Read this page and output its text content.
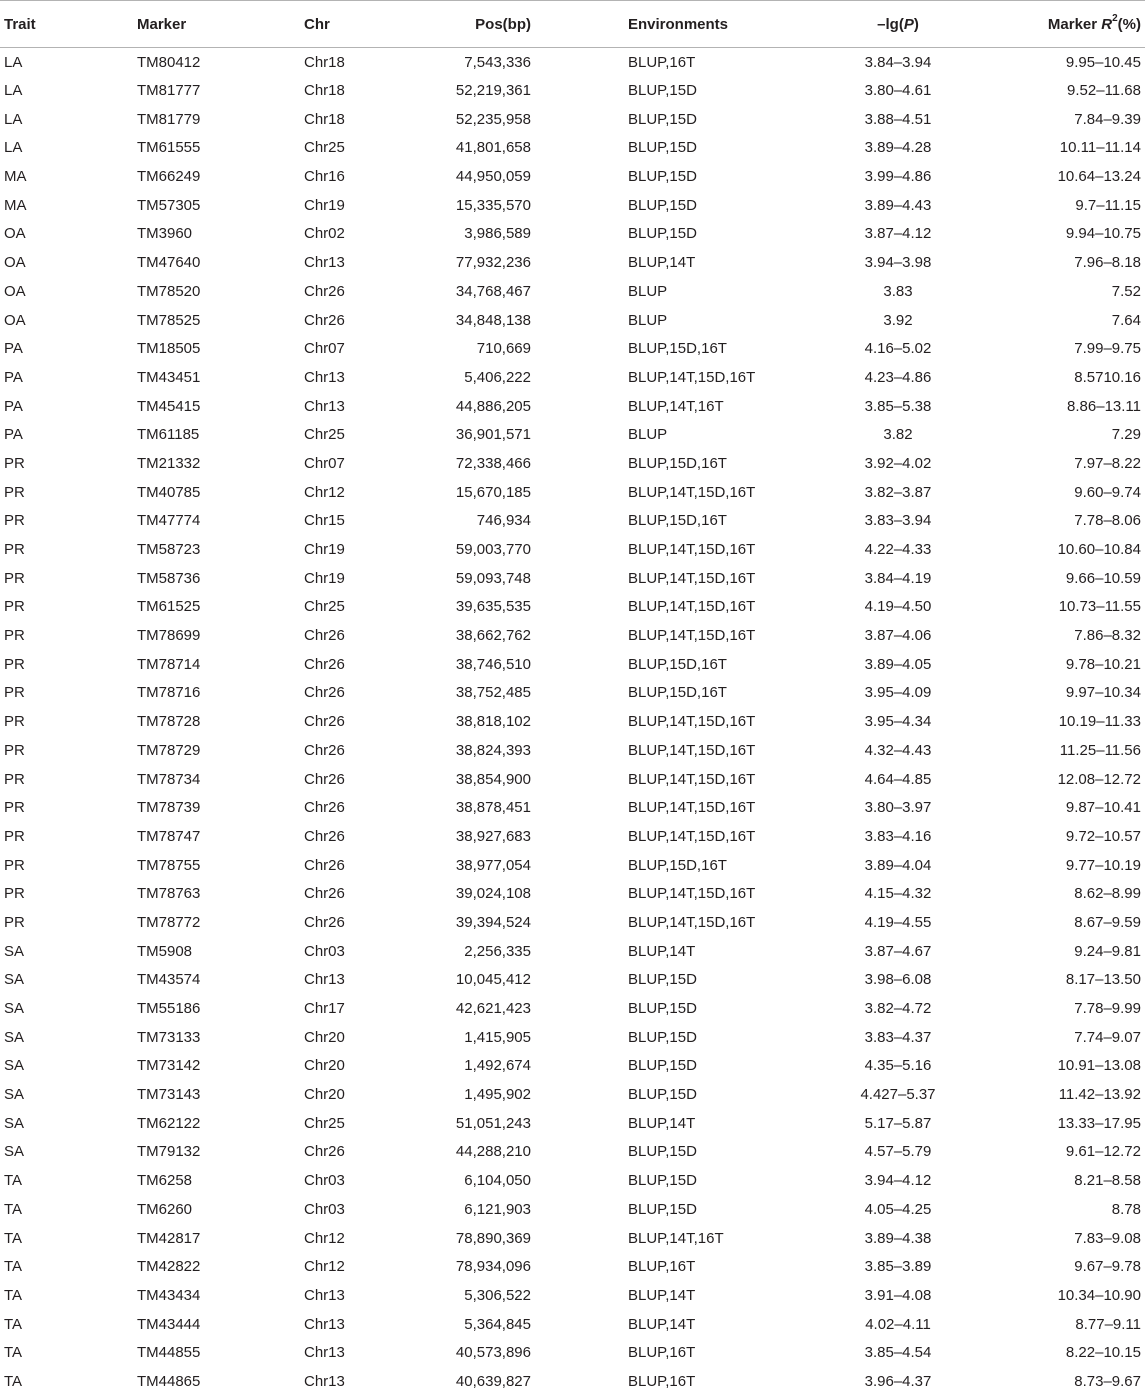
Trait	Marker	Chr	Pos(bp)		Environments	–lg(P)	Marker $R^2(\%)$
LA	TM80412	Chr18	7,543,336		BLUP,16T	3.84–3.94	9.95–10.45
LA	TM81777	Chr18	52,219,361		BLUP,15D	3.80–4.61	9.52–11.68
LA	TM81779	Chr18	52,235,958		BLUP,15D	3.88–4.51	7.84–9.39
LA	TM61555	Chr25	41,801,658		BLUP,15D	3.89–4.28	10.11–11.14
MA	TM66249	Chr16	44,950,059		BLUP,15D	3.99–4.86	10.64–13.24
MA	TM57305	Chr19	15,335,570		BLUP,15D	3.89–4.43	9.7–11.15
OA	TM3960	Chr02	3,986,589		BLUP,15D	3.87–4.12	9.94–10.75
OA	TM47640	Chr13	77,932,236		BLUP,14T	3.94–3.98	7.96–8.18
OA	TM78520	Chr26	34,768,467		BLUP	3.83	7.52
OA	TM78525	Chr26	34,848,138		BLUP	3.92	7.64
PA	TM18505	Chr07	710,669		BLUP,15D,16T	4.16–5.02	7.99–9.75
PA	TM43451	Chr13	5,406,222		BLUP,14T,15D,16T	4.23–4.86	8.5710.16
PA	TM45415	Chr13	44,886,205		BLUP,14T,16T	3.85–5.38	8.86–13.11
PA	TM61185	Chr25	36,901,571		BLUP	3.82	7.29
PR	TM21332	Chr07	72,338,466		BLUP,15D,16T	3.92–4.02	7.97–8.22
PR	TM40785	Chr12	15,670,185		BLUP,14T,15D,16T	3.82–3.87	9.60–9.74
PR	TM47774	Chr15	746,934		BLUP,15D,16T	3.83–3.94	7.78–8.06
PR	TM58723	Chr19	59,003,770		BLUP,14T,15D,16T	4.22–4.33	10.60–10.84
PR	TM58736	Chr19	59,093,748		BLUP,14T,15D,16T	3.84–4.19	9.66–10.59
PR	TM61525	Chr25	39,635,535		BLUP,14T,15D,16T	4.19–4.50	10.73–11.55
PR	TM78699	Chr26	38,662,762		BLUP,14T,15D,16T	3.87–4.06	7.86–8.32
PR	TM78714	Chr26	38,746,510		BLUP,15D,16T	3.89–4.05	9.78–10.21
PR	TM78716	Chr26	38,752,485		BLUP,15D,16T	3.95–4.09	9.97–10.34
PR	TM78728	Chr26	38,818,102		BLUP,14T,15D,16T	3.95–4.34	10.19–11.33
PR	TM78729	Chr26	38,824,393		BLUP,14T,15D,16T	4.32–4.43	11.25–11.56
PR	TM78734	Chr26	38,854,900		BLUP,14T,15D,16T	4.64–4.85	12.08–12.72
PR	TM78739	Chr26	38,878,451		BLUP,14T,15D,16T	3.80–3.97	9.87–10.41
PR	TM78747	Chr26	38,927,683		BLUP,14T,15D,16T	3.83–4.16	9.72–10.57
PR	TM78755	Chr26	38,977,054		BLUP,15D,16T	3.89–4.04	9.77–10.19
PR	TM78763	Chr26	39,024,108		BLUP,14T,15D,16T	4.15–4.32	8.62–8.99
PR	TM78772	Chr26	39,394,524		BLUP,14T,15D,16T	4.19–4.55	8.67–9.59
SA	TM5908	Chr03	2,256,335		BLUP,14T	3.87–4.67	9.24–9.81
SA	TM43574	Chr13	10,045,412		BLUP,15D	3.98–6.08	8.17–13.50
SA	TM55186	Chr17	42,621,423		BLUP,15D	3.82–4.72	7.78–9.99
SA	TM73133	Chr20	1,415,905		BLUP,15D	3.83–4.37	7.74–9.07
SA	TM73142	Chr20	1,492,674		BLUP,15D	4.35–5.16	10.91–13.08
SA	TM73143	Chr20	1,495,902		BLUP,15D	4.427–5.37	11.42–13.92
SA	TM62122	Chr25	51,051,243		BLUP,14T	5.17–5.87	13.33–17.95
SA	TM79132	Chr26	44,288,210		BLUP,15D	4.57–5.79	9.61–12.72
TA	TM6258	Chr03	6,104,050		BLUP,15D	3.94–4.12	8.21–8.58
TA	TM6260	Chr03	6,121,903		BLUP,15D	4.05–4.25	8.78
TA	TM42817	Chr12	78,890,369		BLUP,14T,16T	3.89–4.38	7.83–9.08
TA	TM42822	Chr12	78,934,096		BLUP,16T	3.85–3.89	9.67–9.78
TA	TM43434	Chr13	5,306,522		BLUP,14T	3.91–4.08	10.34–10.90
TA	TM43444	Chr13	5,364,845		BLUP,14T	4.02–4.11	8.77–9.11
TA	TM44855	Chr13	40,573,896		BLUP,16T	3.85–4.54	8.22–10.15
TA	TM44865	Chr13	40,639,827		BLUP,16T	3.96–4.37	8.73–9.67
